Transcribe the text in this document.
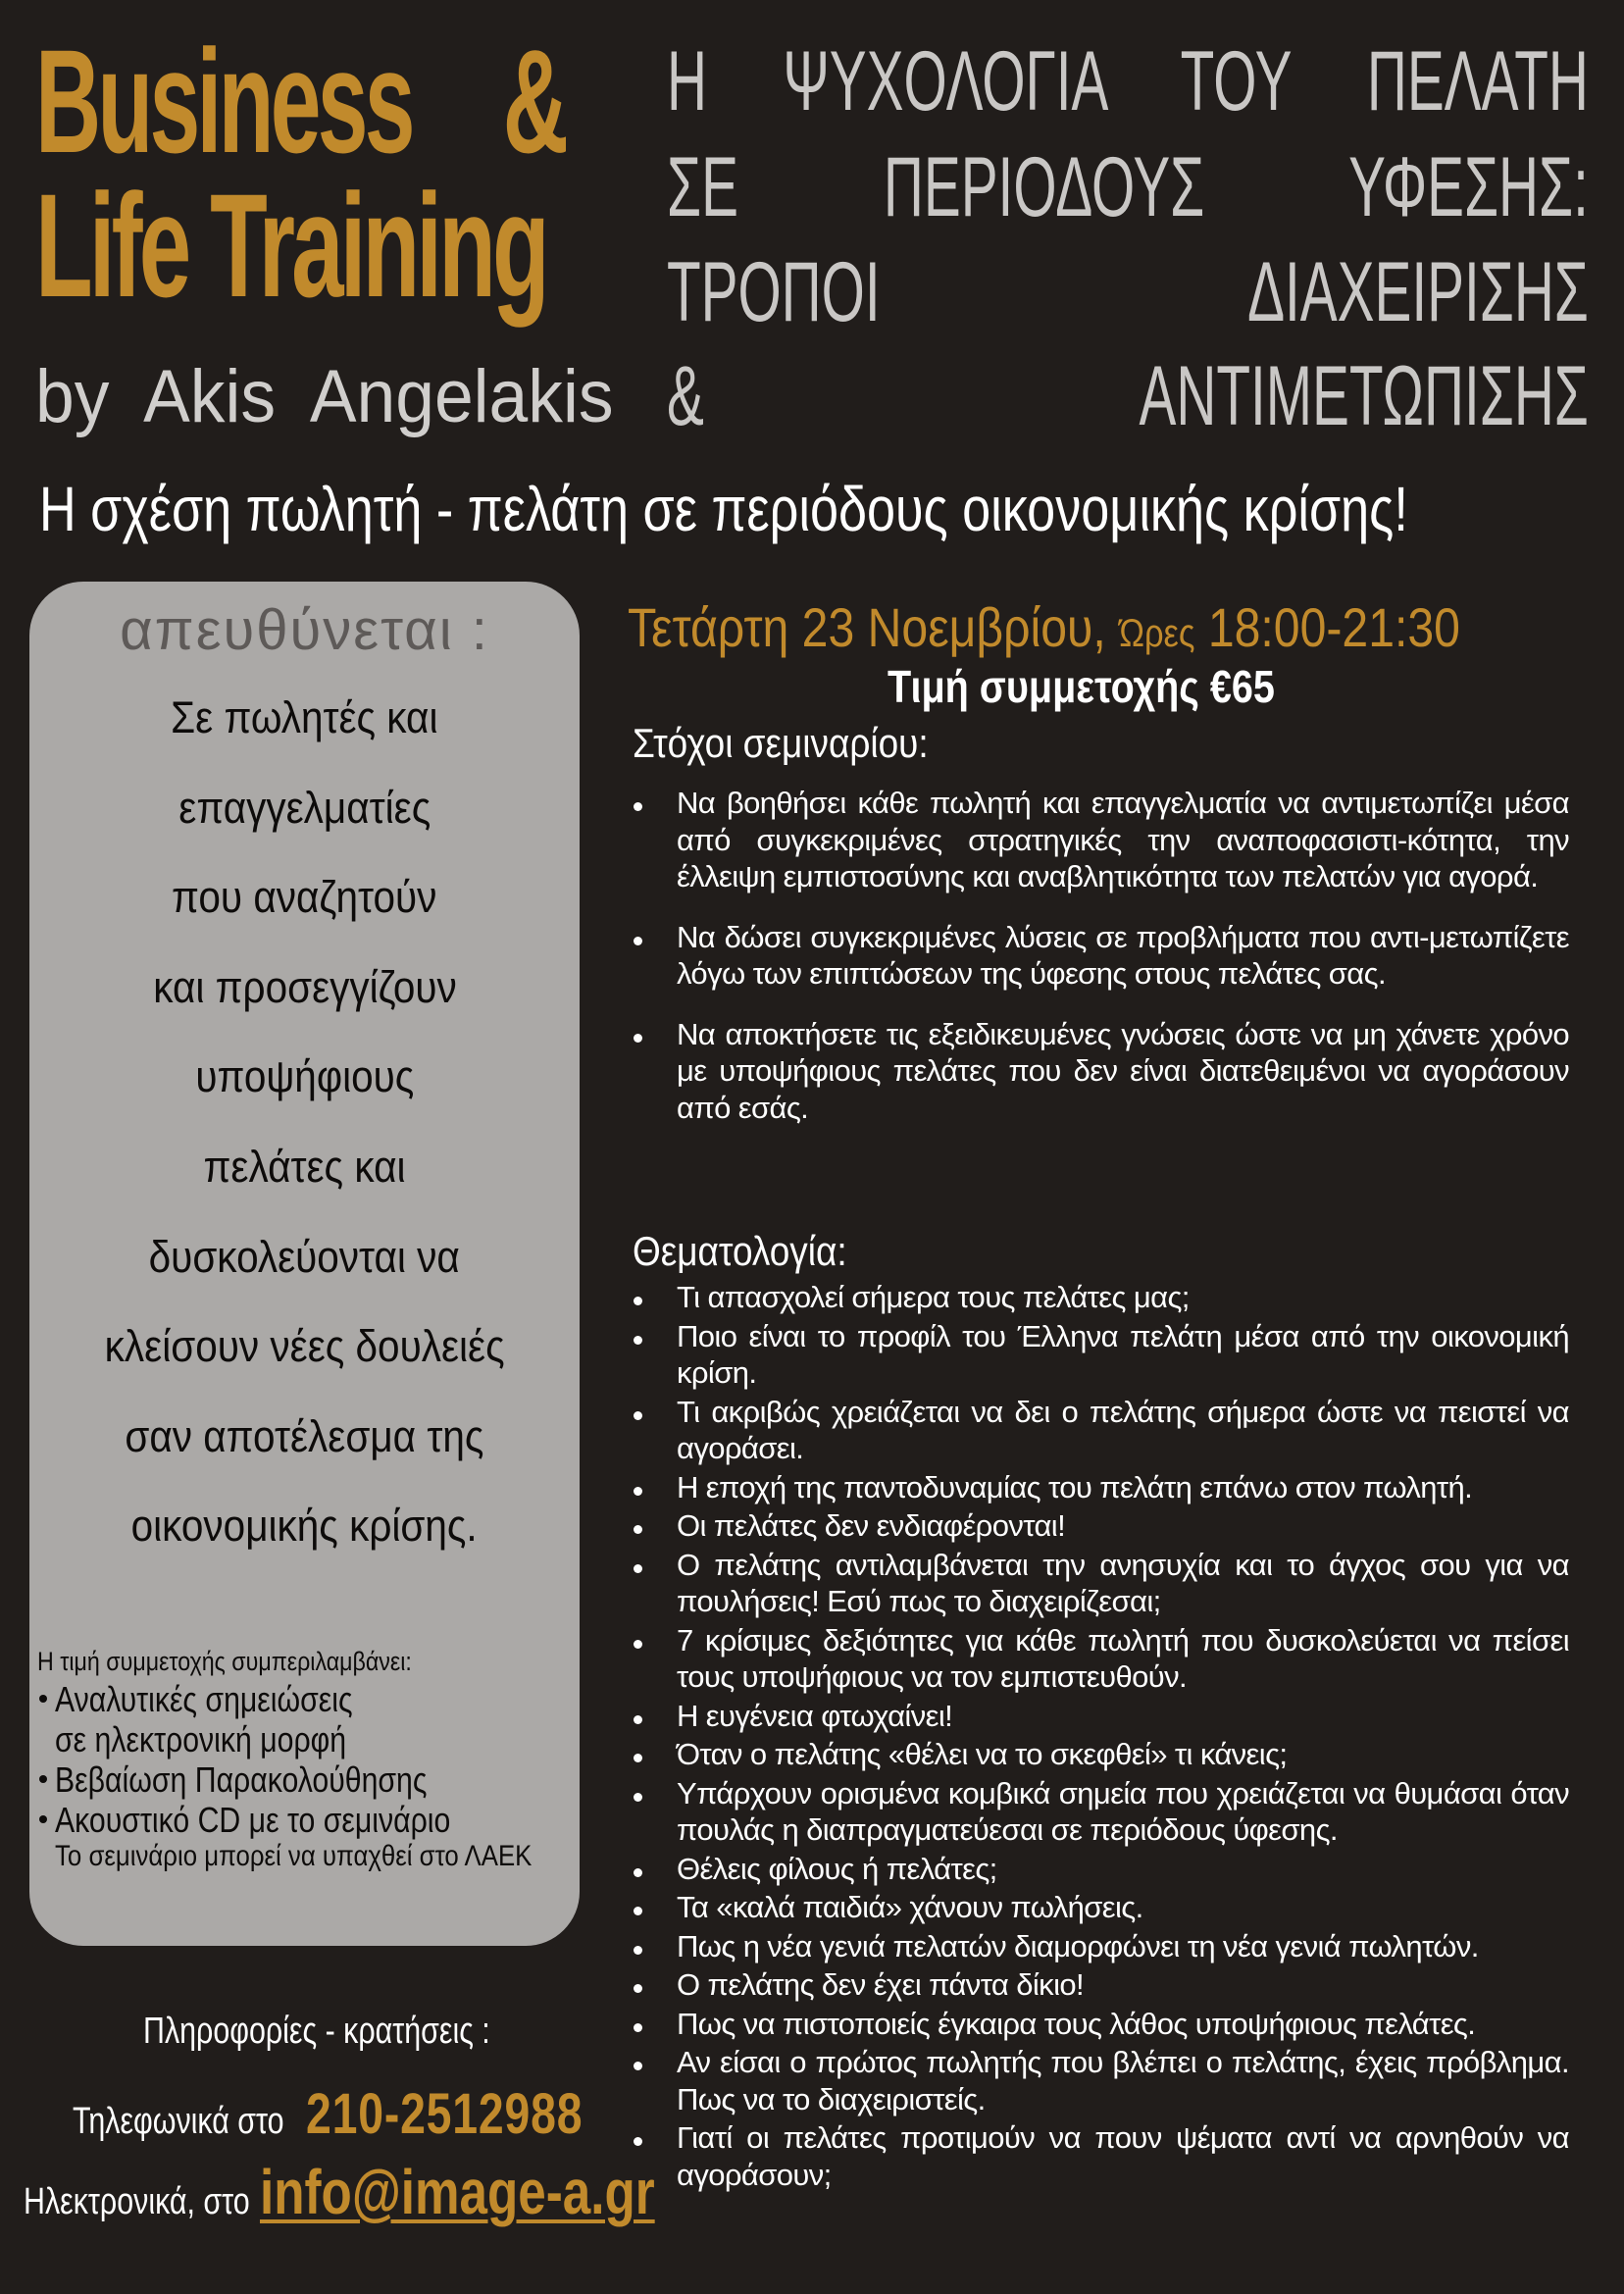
Business &
Life Training
by Akis Angelakis
Η ΨΥΧΟΛΟΓΙΑ ΤΟΥ ΠΕΛΑΤΗ
ΣΕ ΠΕΡΙΟΔΟΥΣ ΥΦΕΣΗΣ:
ΤΡΟΠΟΙ ΔΙΑΧΕΙΡΙΣΗΣ
& ΑΝΤΙΜΕΤΩΠΙΣΗΣ
Η σχέση πωλητή - πελάτη σε περιόδους οικονομικής κρίσης!
απευθύνεται :
Σε πωλητές και
επαγγελματίες
που αναζητούν
και προσεγγίζουν
υποψήφιους
πελάτες και
δυσκολεύονται να
κλείσουν νέες δουλειές
σαν αποτέλεσμα της
οικονομικής κρίσης.
Η τιμή συμμετοχής συμπεριλαμβάνει:
Αναλυτικές σημειώσεις
σε ηλεκτρονική μορφή
Βεβαίωση Παρακολούθησης
Ακουστικό CD με το σεμινάριο
Το σεμινάριο μπορεί να υπαχθεί στο ΛΑΕΚ
Πληροφορίες - κρατήσεις :
Τηλεφωνικά στο 210-2512988
Ηλεκτρονικά, στο info@image-a.gr
Τετάρτη 23 Νοεμβρίου, Ώρες 18:00-21:30
Τιμή συμμετοχής €65
Στόχοι σεμιναρίου:
Να βοηθήσει κάθε πωλητή και επαγγελματία να αντιμετωπίζει μέσα από συγκεκριμένες στρατηγικές την αναποφασιστι-κότητα, την έλλειψη εμπιστοσύνης και αναβλητικότητα των πελατών για αγορά.
Να δώσει συγκεκριμένες λύσεις σε προβλήματα που αντι-μετωπίζετε λόγω των επιπτώσεων της ύφεσης στους πελάτες σας.
Να αποκτήσετε τις εξειδικευμένες γνώσεις ώστε να μη χάνετε χρόνο με υποψήφιους πελάτες που δεν είναι διατεθειμένοι να αγοράσουν από εσάς.
Θεματολογία:
Τι απασχολεί σήμερα τους πελάτες μας;
Ποιο είναι το προφίλ του Έλληνα πελάτη μέσα από την οικονομική κρίση.
Τι ακριβώς χρειάζεται να δει ο πελάτης σήμερα ώστε να πειστεί να αγοράσει.
Η εποχή της παντοδυναμίας του πελάτη επάνω στον πωλητή.
Οι πελάτες δεν ενδιαφέρονται!
Ο πελάτης αντιλαμβάνεται την ανησυχία και το άγχος σου για να πουλήσεις! Εσύ πως το διαχειρίζεσαι;
7 κρίσιμες δεξιότητες για κάθε πωλητή που δυσκολεύεται να πείσει τους υποψήφιους να τον εμπιστευθούν.
Η ευγένεια φτωχαίνει!
Όταν ο πελάτης «θέλει να το σκεφθεί» τι κάνεις;
Υπάρχουν ορισμένα κομβικά σημεία που χρειάζεται να θυμάσαι όταν πουλάς η διαπραγματεύεσαι σε περιόδους ύφεσης.
Θέλεις φίλους ή πελάτες;
Τα «καλά παιδιά» χάνουν πωλήσεις.
Πως η νέα γενιά πελατών διαμορφώνει τη νέα γενιά πωλητών.
Ο πελάτης δεν έχει πάντα δίκιο!
Πως να πιστοποιείς έγκαιρα τους λάθος υποψήφιους πελάτες.
Αν είσαι ο πρώτος πωλητής που βλέπει ο πελάτης, έχεις πρόβλημα. Πως να το διαχειριστείς.
Γιατί οι πελάτες προτιμούν να πουν ψέματα αντί να αρνηθούν να αγοράσουν;
